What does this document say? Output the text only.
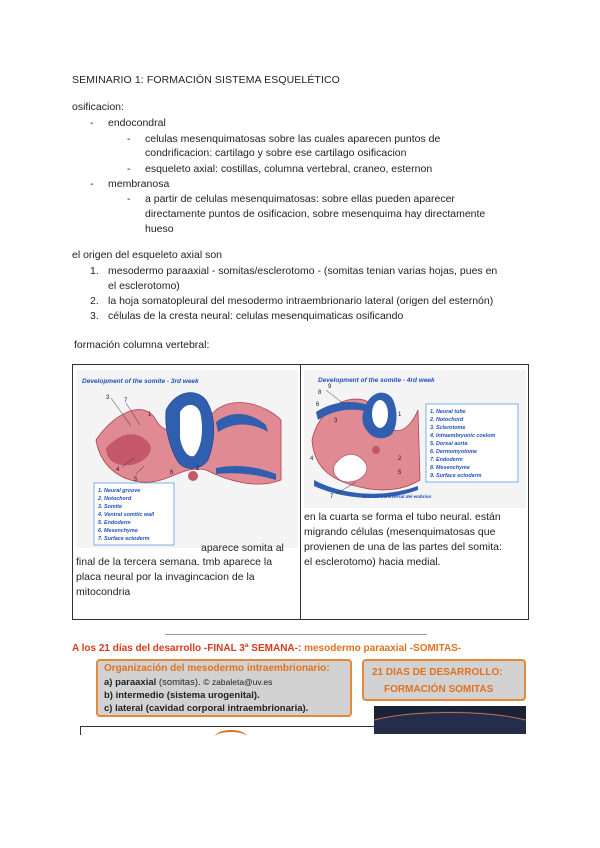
SEMINARIO 1: FORMACIÓN SISTEMA ESQUELÉTICO
osificacion:
- endocondral
- celulas mesenquimatosas sobre las cuales aparecen puntos de
condrificacion: cartilago y sobre ese cartilago osificacion
- esqueleto axial: costillas, columna vertebral, craneo, esternon
- membranosa
- a partir de celulas mesenquimatosas: sobre ellas pueden aparecer
directamente puntos de osificacion, sobre mesenquima hay directamente
hueso
el origen del esqueleto axial son
1. mesodermo paraaxial - somitas/esclerotomo - (somitas tenian varias hojas, pues en
el esclerotomo)
2. la hoja somatopleural del mesodermo intraembrionario lateral (origen del esternón)
3. células de la cresta neural: celulas mesenquimaticas osificando
formación columna vertebral:
Development of the somite - 3rd week
3 7
1
4
5
6
2
1. Neural groove
2. Notochord
3. Somite
4. Ventral somitic wall
5. Endoderm
6. Mesenchyme
7. Surface ectoderm
aparece somita al
final de la tercera semana. tmb aparece la
placa neural por la invagincacion de la
mitocondria
Development of the somite - 4rd week
8
9
6
3
4
7
1
2
5
Seccion transversal del embrion
1. Neural tube
2. Notochord
3. Sclerotome
4. Intraembryonic coelom
5. Dorsal aorta
6. Dermomyotome
7. Endoderm
8. Mesenchyme
9. Surface ectoderm
en la cuarta se forma el tubo neural. están
migrando células (mesenquimatosas que
provienen de una de las partes del somita:
el esclerotomo) hacia medial.
A los 21 días del desarrollo -FINAL 3ª SEMANA-: mesodermo paraaxial -SOMITAS-
Organización del mesodermo intraembrionario:
a) paraaxial (somitas). © zabaleta@uv.es
b) intermedio (sistema urogenital).
c) lateral (cavidad corporal intraembrionaria).
21 DIAS DE DESARROLLO:
FORMACIÓN SOMITAS
